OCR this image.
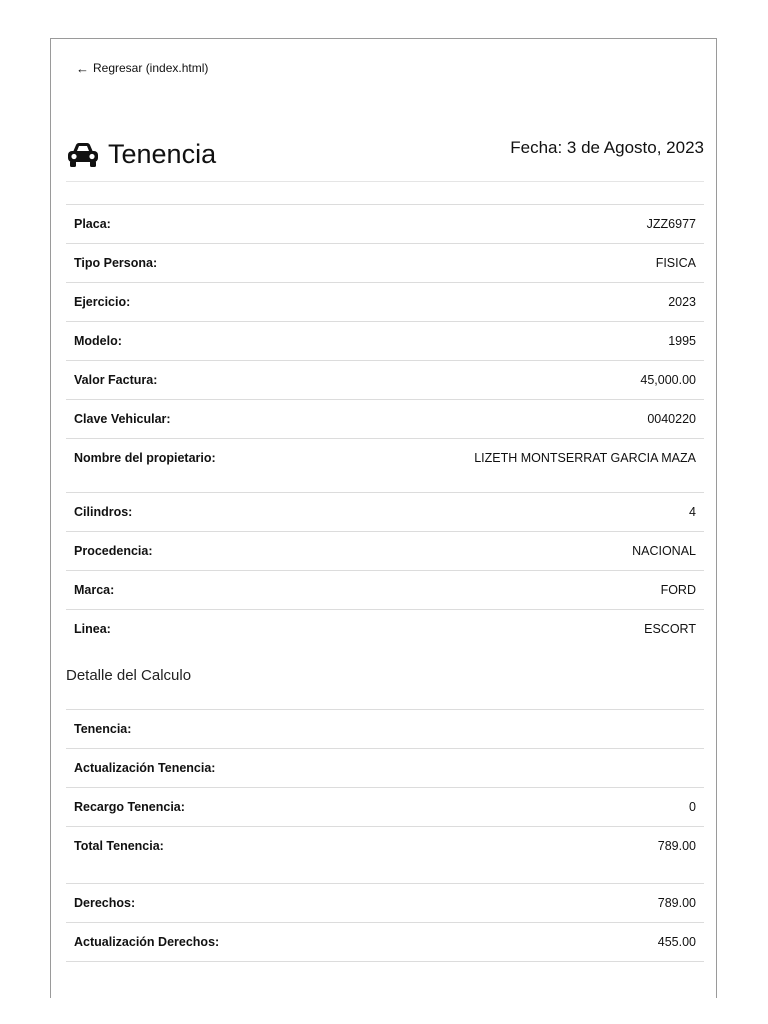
← Regresar (index.html)
Tenencia	Fecha: 3 de Agosto, 2023
Placa:	JZZ6977
Tipo Persona:	FISICA
Ejercicio:	2023
Modelo:	1995
Valor Factura:	45,000.00
Clave Vehicular:	0040220
Nombre del propietario:	LIZETH MONTSERRAT GARCIA MAZA
Cilindros:	4
Procedencia:	NACIONAL
Marca:	FORD
Linea:	ESCORT
Detalle del Calculo
Tenencia:	
Actualización Tenencia:	
Recargo Tenencia:	0
Total Tenencia:	789.00
Derechos:	789.00
Actualización Derechos:	455.00
